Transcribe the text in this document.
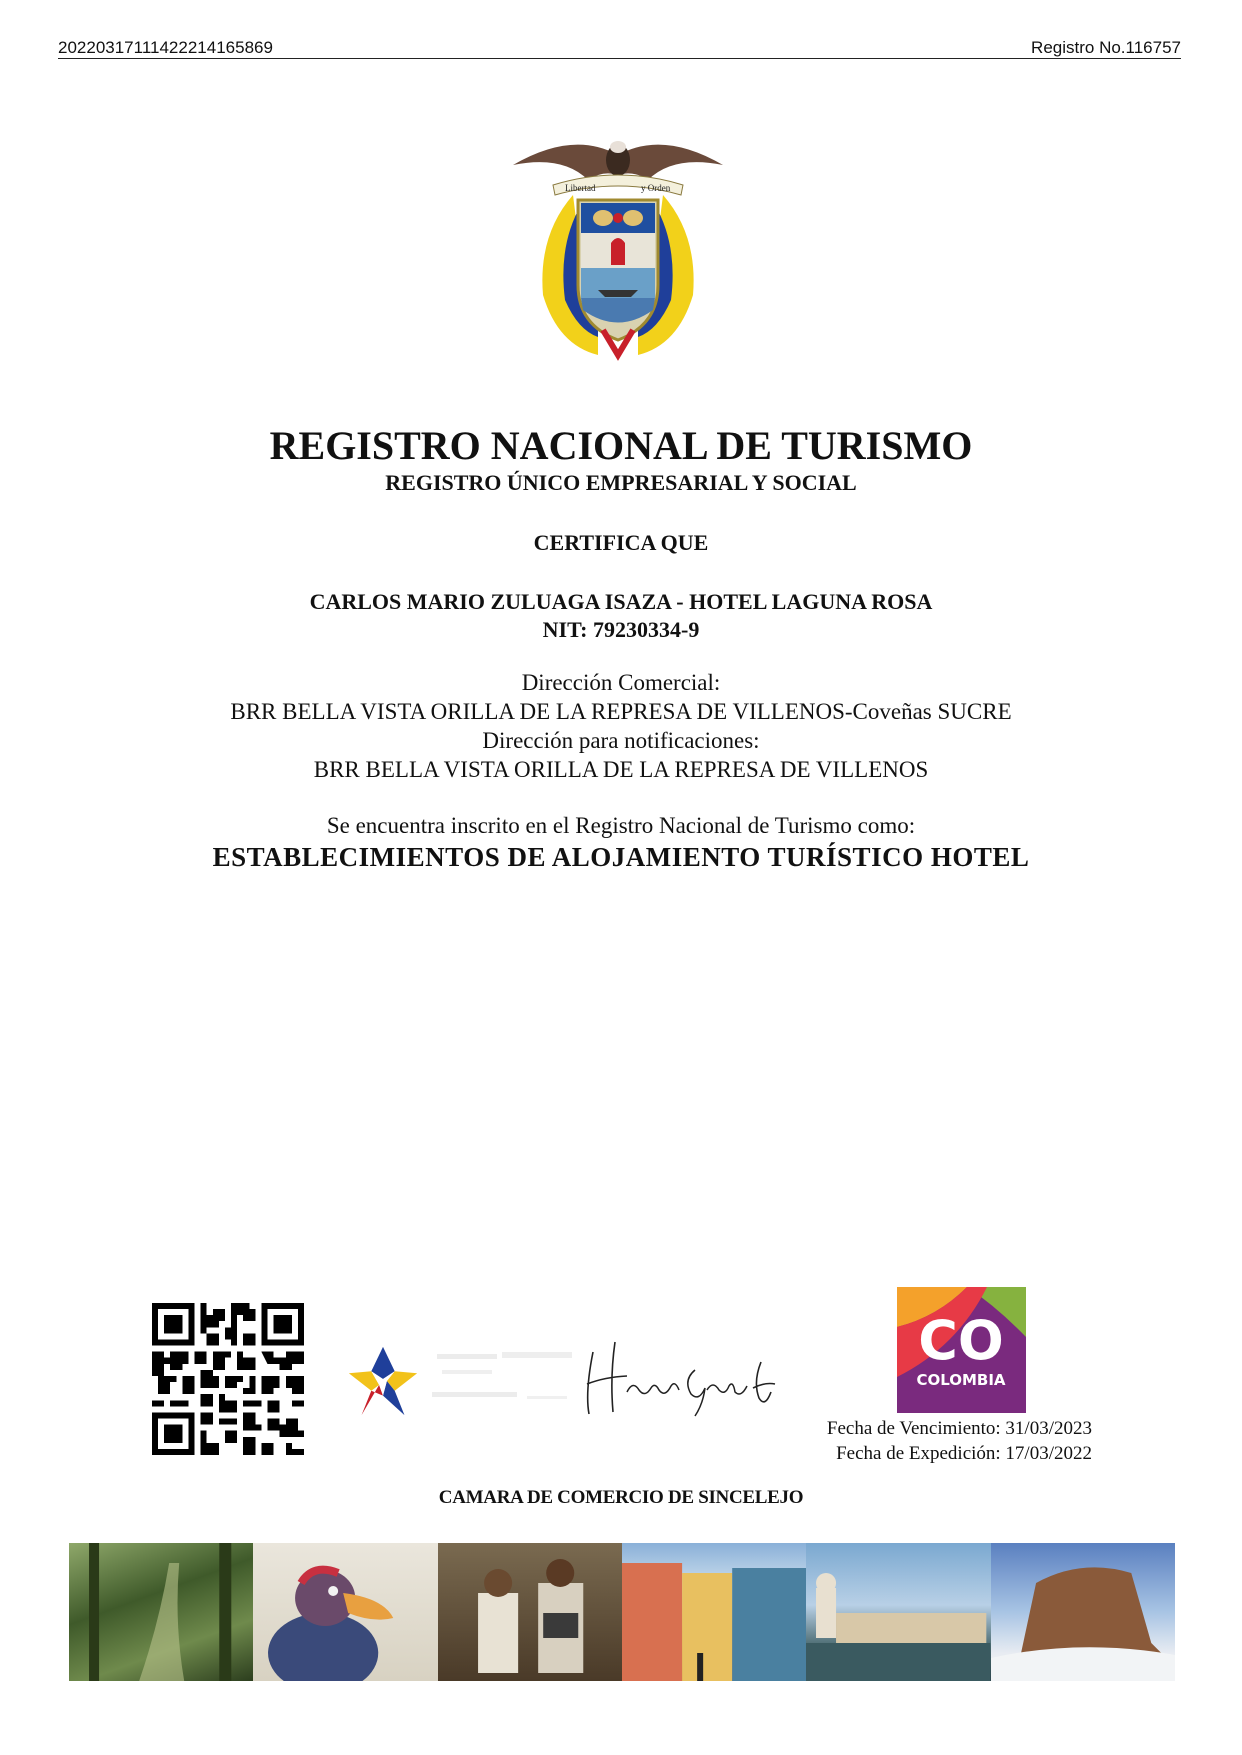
20220317111422214165869	Registro No.116757
Libertad	y Orden
REGISTRO NACIONAL DE TURISMO
REGISTRO ÚNICO EMPRESARIAL Y SOCIAL
CERTIFICA QUE
CARLOS MARIO ZULUAGA ISAZA - HOTEL LAGUNA ROSA
NIT: 79230334-9
Dirección Comercial:
BRR BELLA VISTA ORILLA DE LA REPRESA DE VILLENOS-Coveñas SUCRE
Dirección para notificaciones:
BRR BELLA VISTA ORILLA DE LA REPRESA DE VILLENOS
Se encuentra inscrito en el Registro Nacional de Turismo como:
ESTABLECIMIENTOS DE ALOJAMIENTO TURÍSTICO HOTEL
CO
COLOMBIA
Fecha de Vencimiento: 31/03/2023
Fecha de Expedición: 17/03/2022
CAMARA DE COMERCIO DE SINCELEJO
